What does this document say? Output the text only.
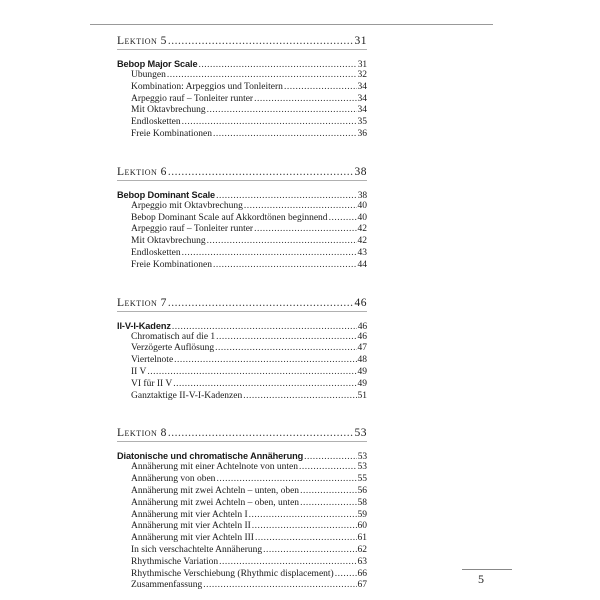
Lektion 5 .....	31
Bebop Major Scale .....	31
Übungen .....	32
Kombination: Arpeggios und Tonleitern .....	34
Arpeggio rauf – Tonleiter runter .....	34
Mit Oktavbrechung .....	34
Endlosketten .....	35
Freie Kombinationen .....	36
Lektion 6 .....	38
Bebop Dominant Scale .....	38
Arpeggio mit Oktavbrechung .....	40
Bebop Dominant Scale auf Akkordtönen beginnend .....	40
Arpeggio rauf – Tonleiter runter .....	42
Mit Oktavbrechung .....	42
Endlosketten .....	43
Freie Kombinationen .....	44
Lektion 7 .....	46
II-V-I-Kadenz .....	46
Chromatisch auf die 1 .....	46
Verzögerte Auflösung .....	47
Viertelnote .....	48
II V .....	49
VI für II V .....	49
Ganztaktige II-V-I-Kadenzen .....	51
Lektion 8 .....	53
Diatonische und chromatische Annäherung .....	53
Annäherung mit einer Achtelnote von unten .....	53
Annäherung von oben .....	55
Annäherung mit zwei Achteln – unten, oben .....	56
Annäherung mit zwei Achteln – oben, unten .....	58
Annäherung mit vier Achteln I .....	59
Annäherung mit vier Achteln II .....	60
Annäherung mit vier Achteln III .....	61
In sich verschachtelte Annäherung .....	62
Rhythmische Variation .....	63
Rhythmische Verschiebung (Rhythmic displacement) .....	66
Zusammenfassung .....	67	5
